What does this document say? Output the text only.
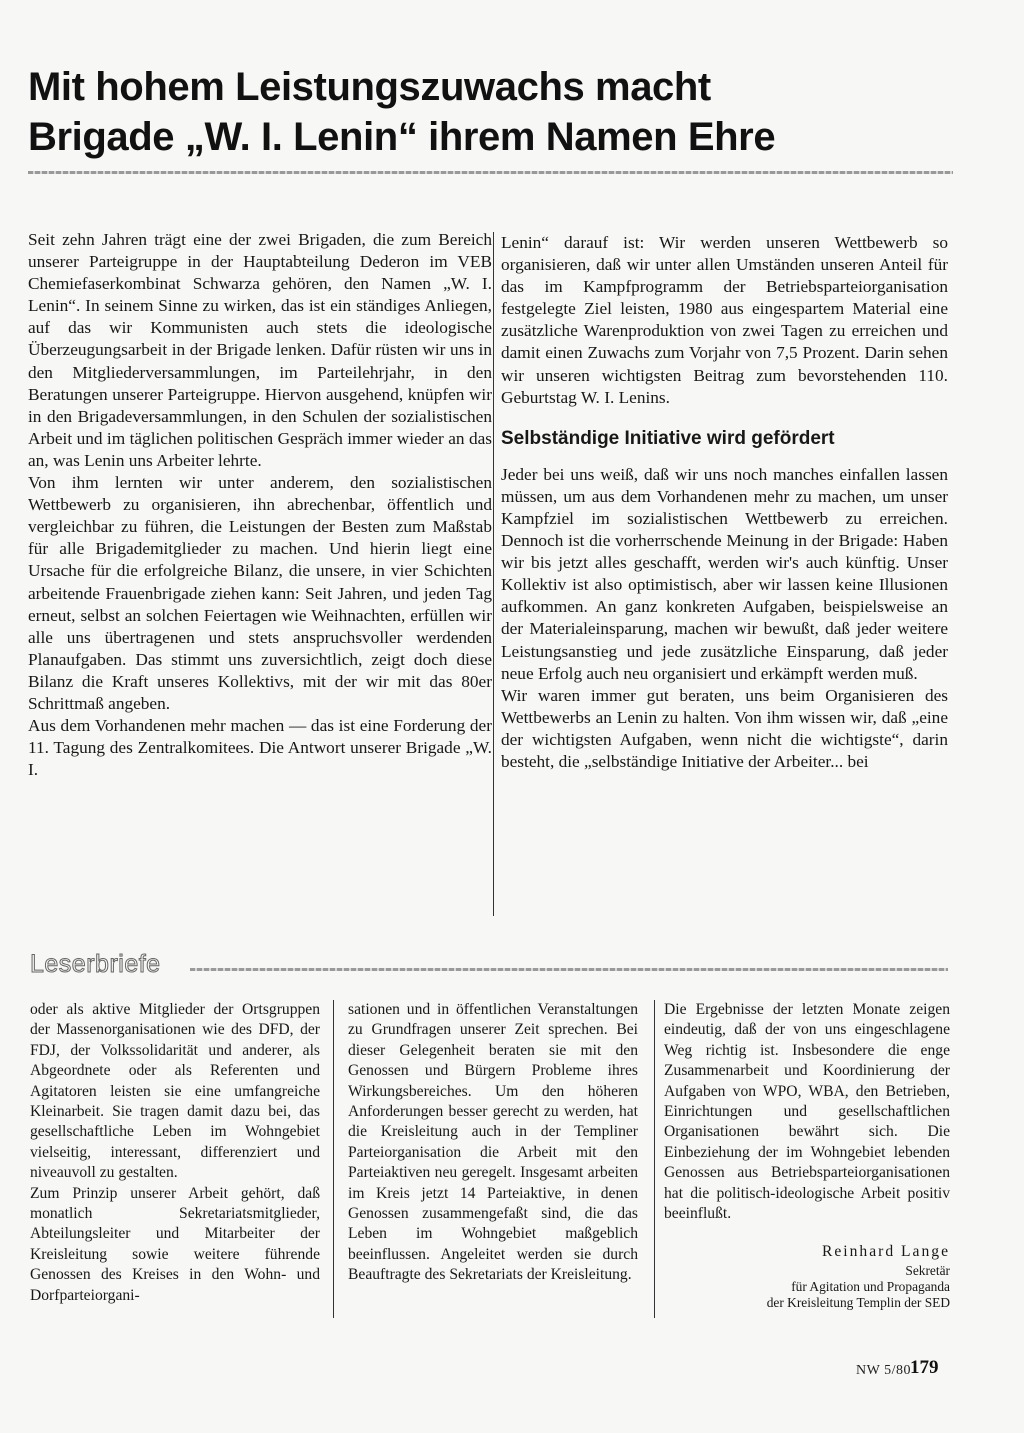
Mit hohem Leistungszuwachs macht
Brigade „W. I. Lenin“ ihrem Namen Ehre

Seit zehn Jahren trägt eine der zwei Brigaden, die zum Bereich unserer Parteigruppe in der Hauptabteilung Dederon im VEB Chemiefaserkombinat Schwarza gehören, den Namen „W. I. Lenin“. In seinem Sinne zu wirken, das ist ein ständiges Anliegen, auf das wir Kommunisten auch stets die ideologische Überzeugungsarbeit in der Brigade lenken. Dafür rüsten wir uns in den Mitgliederversammlungen, im Parteilehrjahr, in den Beratungen unserer Parteigruppe. Hiervon ausgehend, knüpfen wir in den Brigadeversammlungen, in den Schulen der sozialistischen Arbeit und im täglichen politischen Gespräch immer wieder an das an, was Lenin uns Arbeiter lehrte.

Von ihm lernten wir unter anderem, den sozialistischen Wettbewerb zu organisieren, ihn abrechenbar, öffentlich und vergleichbar zu führen, die Leistungen der Besten zum Maßstab für alle Brigademitglieder zu machen. Und hierin liegt eine Ursache für die erfolgreiche Bilanz, die unsere, in vier Schichten arbeitende Frauenbrigade ziehen kann: Seit Jahren, und jeden Tag erneut, selbst an solchen Feiertagen wie Weihnachten, erfüllen wir alle uns übertragenen und stets anspruchsvoller werdenden Planaufgaben. Das stimmt uns zuversichtlich, zeigt doch diese Bilanz die Kraft unseres Kollektivs, mit der wir mit das 80er Schrittmaß angeben.

Aus dem Vorhandenen mehr machen — das ist eine Forderung der 11. Tagung des Zentralkomitees. Die Antwort unserer Brigade „W. I.

Lenin“ darauf ist: Wir werden unseren Wettbewerb so organisieren, daß wir unter allen Umständen unseren Anteil für das im Kampfprogramm der Betriebsparteiorganisation festgelegte Ziel leisten, 1980 aus eingespartem Material eine zusätzliche Warenproduktion von zwei Tagen zu erreichen und damit einen Zuwachs zum Vorjahr von 7,5 Prozent. Darin sehen wir unseren wichtigsten Beitrag zum bevorstehenden 110. Geburtstag W. I. Lenins.

Selbständige Initiative wird gefördert

Jeder bei uns weiß, daß wir uns noch manches einfallen lassen müssen, um aus dem Vorhandenen mehr zu machen, um unser Kampfziel im sozialistischen Wettbewerb zu erreichen. Dennoch ist die vorherrschende Meinung in der Brigade: Haben wir bis jetzt alles geschafft, werden wir's auch künftig. Unser Kollektiv ist also optimistisch, aber wir lassen keine Illusionen aufkommen. An ganz konkreten Aufgaben, beispielsweise an der Materialeinsparung, machen wir bewußt, daß jeder weitere Leistungsanstieg und jede zusätzliche Einsparung, daß jeder neue Erfolg auch neu organisiert und erkämpft werden muß.

Wir waren immer gut beraten, uns beim Organisieren des Wettbewerbs an Lenin zu halten. Von ihm wissen wir, daß „eine der wichtigsten Aufgaben, wenn nicht die wichtigste“, darin besteht, die „selbständige Initiative der Arbeiter... bei

Leserbriefe

oder als aktive Mitglieder der Ortsgruppen der Massenorganisationen wie des DFD, der FDJ, der Volkssolidarität und anderer, als Abgeordnete oder als Referenten und Agitatoren leisten sie eine umfangreiche Kleinarbeit. Sie tragen damit dazu bei, das gesellschaftliche Leben im Wohngebiet vielseitig, interessant, differenziert und niveauvoll zu gestalten.

Zum Prinzip unserer Arbeit gehört, daß monatlich Sekretariatsmitglieder, Abteilungsleiter und Mitarbeiter der Kreisleitung sowie weitere führende Genossen des Kreises in den Wohn- und Dorfparteiorgani-

sationen und in öffentlichen Veranstaltungen zu Grundfragen unserer Zeit sprechen. Bei dieser Gelegenheit beraten sie mit den Genossen und Bürgern Probleme ihres Wirkungsbereiches. Um den höheren Anforderungen besser gerecht zu werden, hat die Kreisleitung auch in der Templiner Parteiorganisation die Arbeit mit den Parteiaktiven neu geregelt. Insgesamt arbeiten im Kreis jetzt 14 Parteiaktive, in denen Genossen zusammengefaßt sind, die das Leben im Wohngebiet maßgeblich beeinflussen. Angeleitet werden sie durch Beauftragte des Sekretariats der Kreisleitung.

Die Ergebnisse der letzten Monate zeigen eindeutig, daß der von uns eingeschlagene Weg richtig ist. Insbesondere die enge Zusammenarbeit und Koordinierung der Aufgaben von WPO, WBA, den Betrieben, Einrichtungen und gesellschaftlichen Organisationen bewährt sich. Die Einbeziehung der im Wohngebiet lebenden Genossen aus Betriebsparteiorganisationen hat die politisch-ideologische Arbeit positiv beeinflußt.

Reinhard Lange
Sekretär
für Agitation und Propaganda
der Kreisleitung Templin der SED
NW 5/80 179
